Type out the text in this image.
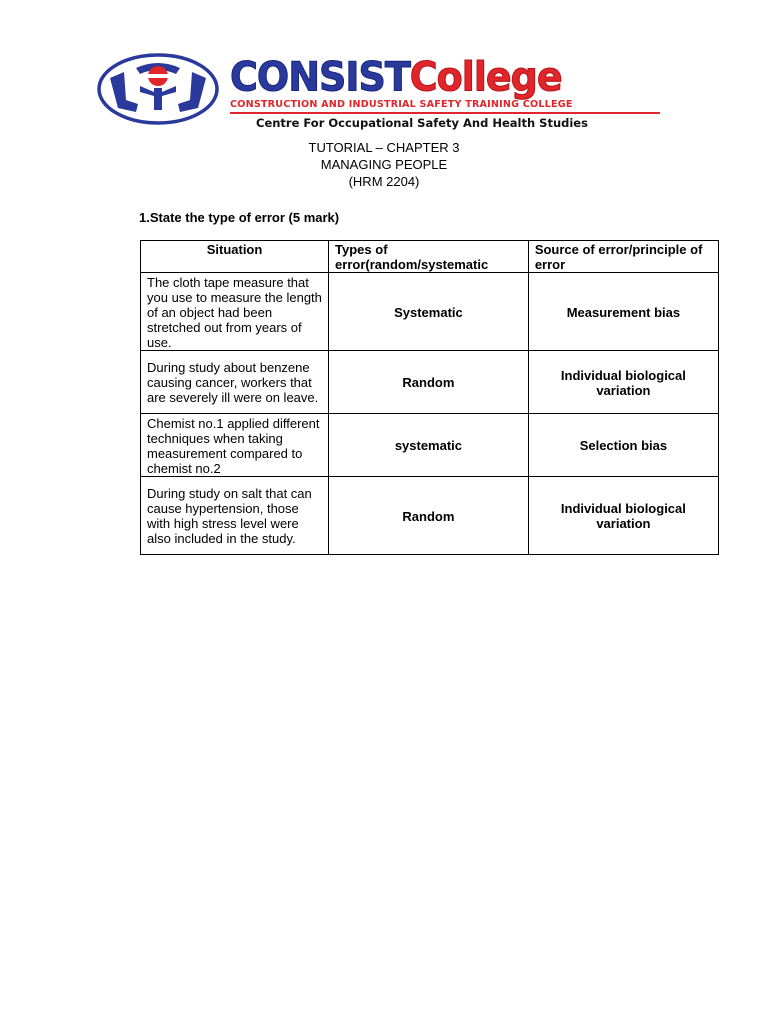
CONSISTCollege
CONSTRUCTION AND INDUSTRIAL SAFETY TRAINING COLLEGE
Centre For Occupational Safety And Health Studies
TUTORIAL – CHAPTER 3
MANAGING PEOPLE
(HRM 2204)
1.State the type of error (5 mark)
Situation	Types of error(random/systematic	Source of error/principle of error
The cloth tape measure that you use to measure the length of an object had been stretched out from years of use.	Systematic	Measurement bias
During study about benzene causing cancer, workers that are severely ill were on leave.	Random	Individual biological variation
Chemist no.1 applied different techniques when taking measurement compared to chemist no.2	systematic	Selection bias
During study on salt that can cause hypertension, those with high stress level were also included in the study.	Random	Individual biological variation
